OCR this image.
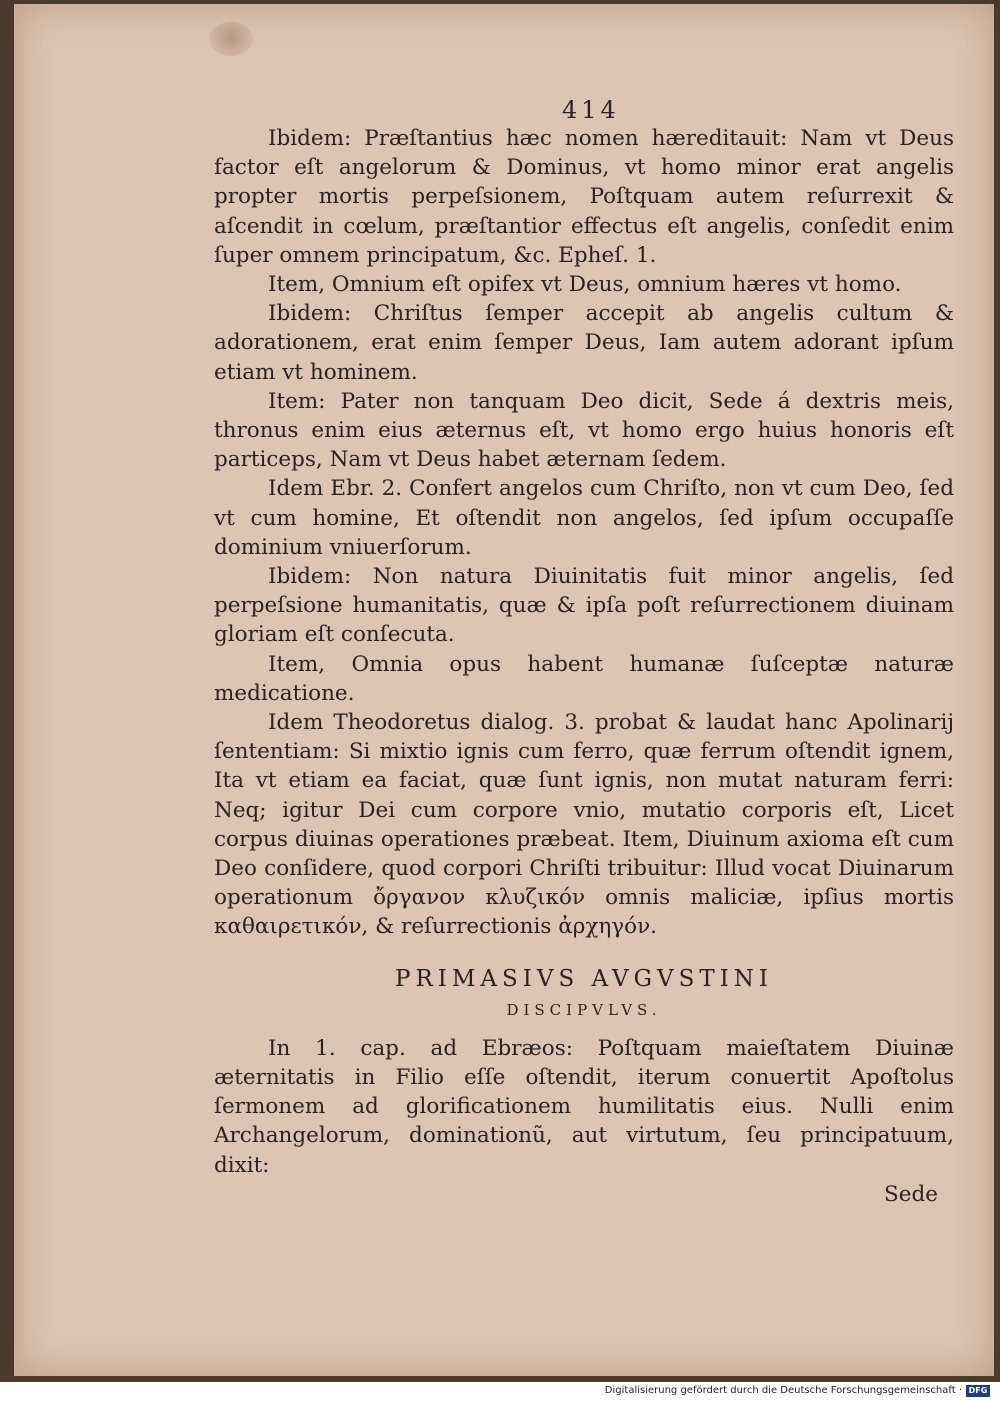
414

Ibidem: Præſtantius hæc nomen hæreditauit: Nam vt Deus factor eſt angelorum & Dominus, vt homo minor erat angelis propter mortis perpeſsionem, Poſtquam autem reſurrexit & aſcendit in cœlum, præſtantior effectus eſt angelis, conſedit enim ſuper omnem principatum, &c. Epheſ. 1.

Item, Omnium eſt opifex vt Deus, omnium hæres vt homo.

Ibidem: Chriſtus ſemper accepit ab angelis cultum & adorationem, erat enim ſemper Deus, Iam autem adorant ipſum etiam vt hominem.

Item: Pater non tanquam Deo dicit, Sede á dextris meis, thronus enim eius æternus eſt, vt homo ergo huius honoris eſt particeps, Nam vt Deus habet æternam ſedem.

Idem Ebr. 2. Confert angelos cum Chriſto, non vt cum Deo, ſed vt cum homine, Et oſtendit non angelos, ſed ipſum occupaſſe dominium vniuerſorum.

Ibidem: Non natura Diuinitatis fuit minor angelis, ſed perpeſsione humanitatis, quæ & ipſa poſt reſurrectionem diuinam gloriam eſt conſecuta.

Item, Omnia opus habent humanæ ſuſceptæ naturæ medicatione.

Idem Theodoretus dialog. 3. probat & laudat hanc Apolinarij ſententiam: Si mixtio ignis cum ferro, quæ ferrum oſtendit ignem, Ita vt etiam ea faciat, quæ ſunt ignis, non mutat naturam ferri: Neq; igitur Dei cum corpore vnio, mutatio corporis eſt, Licet corpus diuinas operationes præbeat. Item, Diuinum axioma eſt cum Deo conſidere, quod corpori Chriſti tribuitur: Illud vocat Diuinarum operationum ὄργανον κλυζικόν omnis maliciæ, ipſius mortis καθαιρετικόν, & reſurrectionis ἀρχηγόν.

PRIMASIVS AVGVSTINI
DISCIPVLVS.

In 1. cap. ad Ebræos: Poſtquam maieſtatem Diuinæ æternitatis in Filio eſſe oſtendit, iterum conuertit Apoſtolus ſermonem ad glorificationem humilitatis eius. Nulli enim Archangelorum, dominationũ, aut virtutum, ſeu principatuum, dixit:

Sede

Digitalisierung gefördert durch die Deutsche Forschungsgemeinschaft · DFG
